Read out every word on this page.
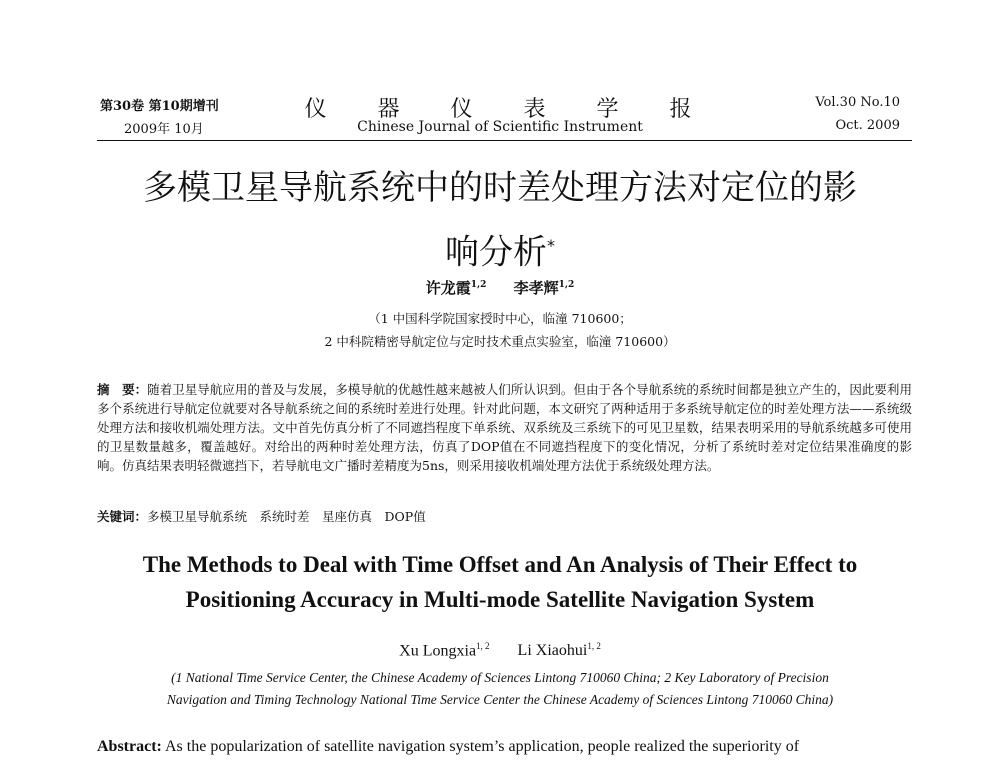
第30卷 第10期增刊
2009年 10月
仪 器 仪 表 学 报
Chinese Journal of Scientific Instrument
Vol.30 No.10
Oct. 2009
多模卫星导航系统中的时差处理方法对定位的影
响分析*
许龙霞$^{1,2}$ 李孝辉$^{1,2}$
（1 中国科学院国家授时中心，临潼 710600；
2 中科院精密导航定位与定时技术重点实验室，临潼 710600）
摘　要：随着卫星导航应用的普及与发展，多模导航的优越性越来越被人们所认识到。但由于各个导航系统的系统时间都是独立产生的，因此要利用多个系统进行导航定位就要对各导航系统之间的系统时差进行处理。针对此问题，本文研究了两种适用于多系统导航定位的时差处理方法——系统级处理方法和接收机端处理方法。文中首先仿真分析了不同遮挡程度下单系统、双系统及三系统下的可见卫星数，结果表明采用的导航系统越多可使用的卫星数量越多，覆盖越好。对给出的两种时差处理方法，仿真了DOP值在不同遮挡程度下的变化情况，分析了系统时差对定位结果准确度的影响。仿真结果表明轻微遮挡下，若导航电文广播时差精度为5ns，则采用接收机端处理方法优于系统级处理方法。
关键词：多模卫星导航系统　系统时差　星座仿真　DOP值
The Methods to Deal with Time Offset and An Analysis of Their Effect to
Positioning Accuracy in Multi-mode Satellite Navigation System
Xu Longxia$^{1, 2}$ Li Xiaohui$^{1, 2}$
(1 National Time Service Center, the Chinese Academy of Sciences Lintong 710060 China; 2 Key Laboratory of Precision
Navigation and Timing Technology National Time Service Center the Chinese Academy of Sciences Lintong 710060 China)
Abstract: As the popularization of satellite navigation system’s application, people realized the superiority of
